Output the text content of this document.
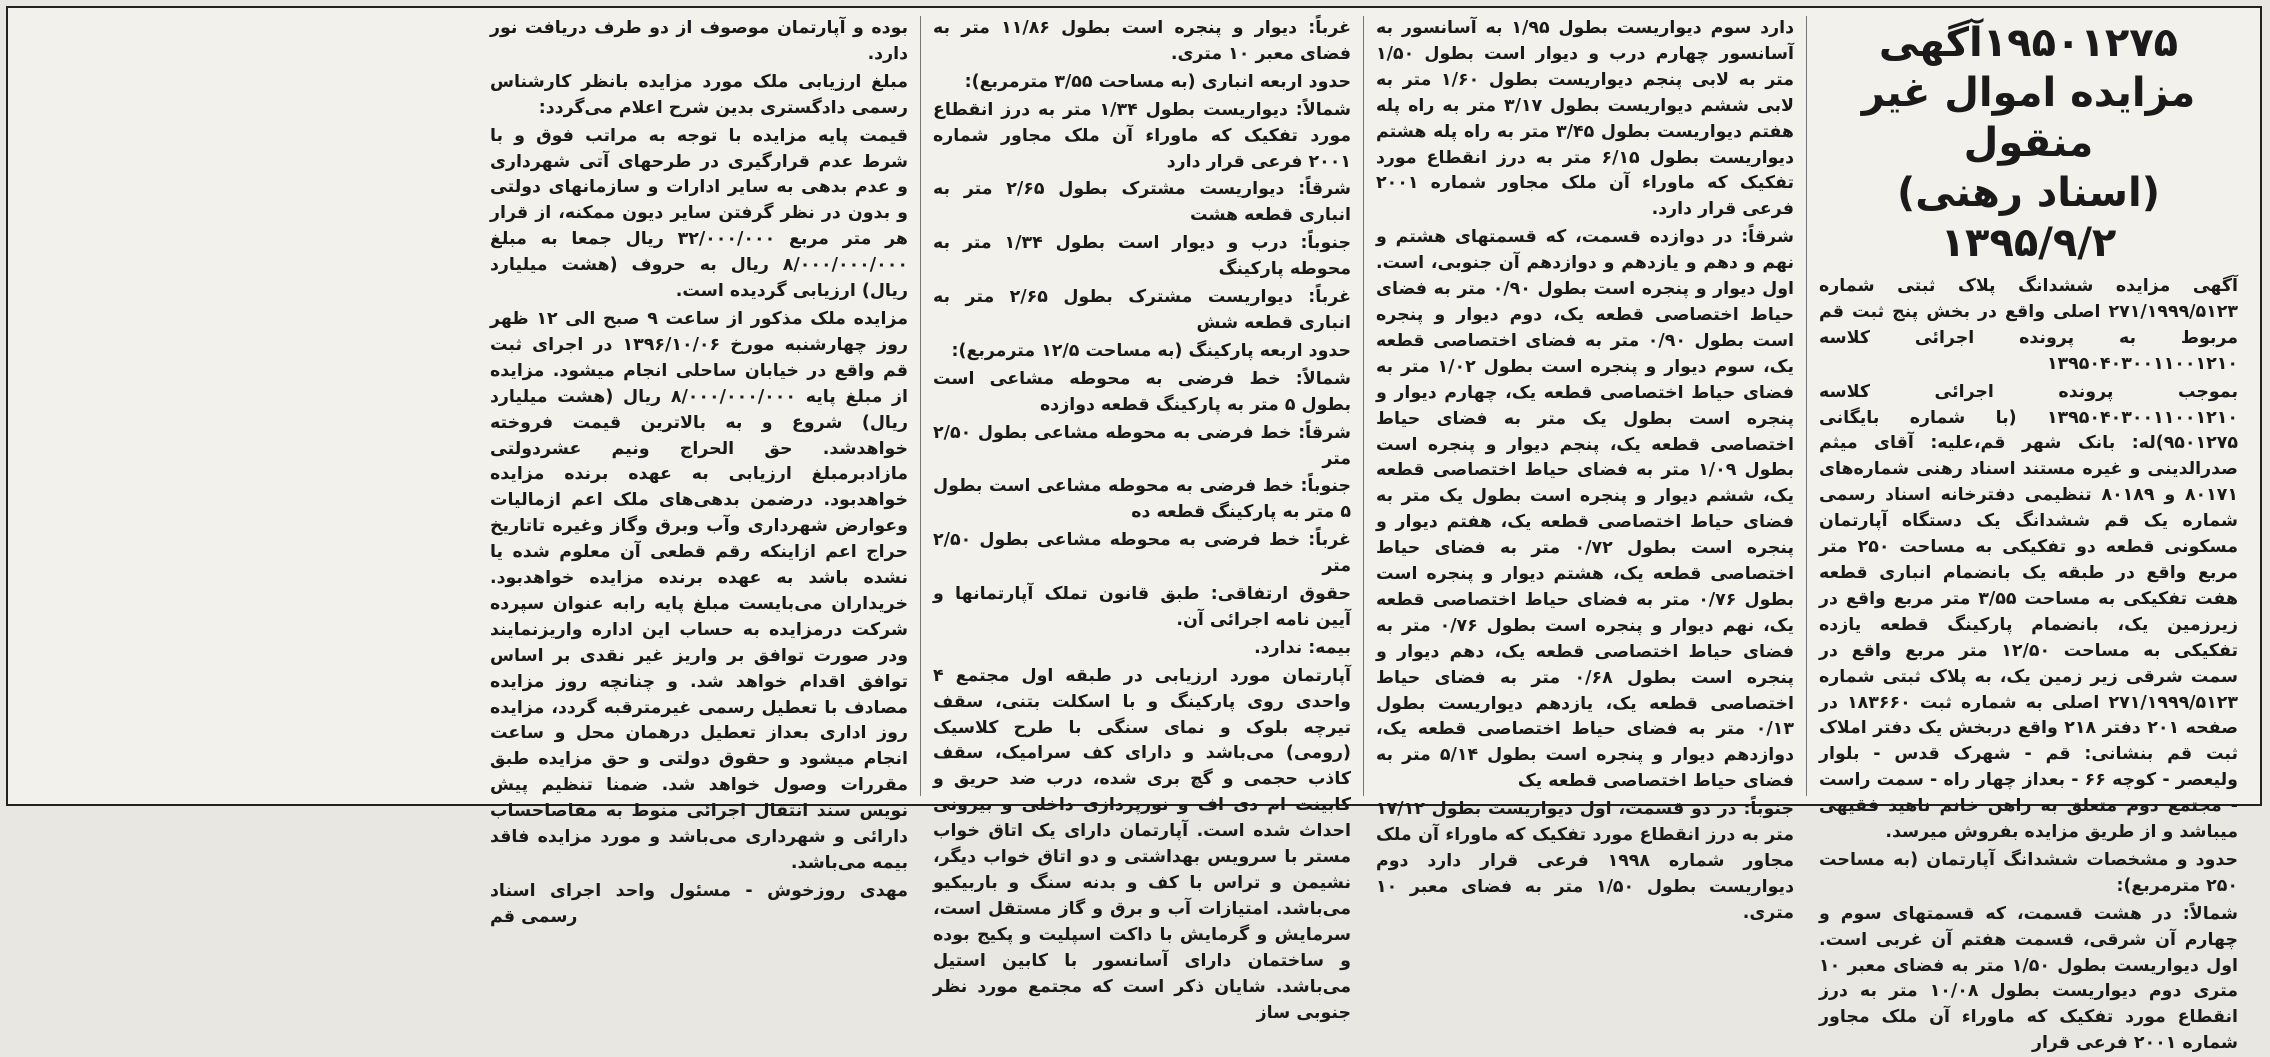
۱۹۵۰۱۲۷۵آگهی مزایده اموال غیر منقول
(اسناد رهنی) ۱۳۹۵/۹/۲

آگهی مزایده ششدانگ پلاک ثبتی شماره ۲۷۱/۱۹۹۹/۵۱۲۳ اصلی واقع در بخش پنج ثبت قم مربوط به پرونده اجرائی کلاسه ۱۳۹۵۰۴۰۳۰۰۱۱۰۰۱۲۱۰

بموجب پرونده اجرائی کلاسه ۱۳۹۵۰۴۰۳۰۰۱۱۰۰۱۲۱۰ (با شماره بایگانی ۹۵۰۱۲۷۵)له: بانک شهر قم،علیه: آقای میثم صدرالدینی و غیره مستند اسناد رهنی شماره‌های ۸۰۱۷۱ و ۸۰۱۸۹ تنظیمی دفترخانه اسناد رسمی شماره یک قم ششدانگ یک دستگاه آپارتمان مسکونی قطعه دو تفکیکی به مساحت ۲۵۰ متر مربع واقع در طبقه یک بانضمام انباری قطعه هفت تفکیکی به مساحت ۳/۵۵ متر مربع واقع در زیرزمین یک، بانضمام پارکینگ قطعه یازده تفکیکی به مساحت ۱۲/۵۰ متر مربع واقع در سمت شرقی زیر زمین یک، به پلاک ثبتی شماره ۲۷۱/۱۹۹۹/۵۱۲۳ اصلی به شماره ثبت ۱۸۳۶۶۰ در صفحه ۲۰۱ دفتر ۲۱۸ واقع دربخش یک دفتر املاک ثبت قم بنشانی: قم - شهرک قدس - بلوار ولیعصر - کوچه ۶۶ - بعداز چهار راه - سمت راست - مجتمع دوم متعلق به راهن خانم ناهید فقیهی میباشد و از طریق مزایده بفروش میرسد.

حدود و مشخصات ششدانگ آپارتمان (به مساحت ۲۵۰ مترمربع):

شمالاً: در هشت قسمت، که قسمتهای سوم و چهارم آن شرقی، قسمت هفتم آن غربی است. اول دیواریست بطول ۱/۵۰ متر به فضای معبر ۱۰ متری دوم دیواریست بطول ۱۰/۰۸ متر به درز انقطاع مورد تفکیک که ماوراء آن ملک مجاور شماره ۲۰۰۱ فرعی قرار

دارد سوم دیواریست بطول ۱/۹۵ به آسانسور به آسانسور چهارم درب و دیوار است بطول ۱/۵۰ متر به لابی پنجم دیواریست بطول ۱/۶۰ متر به لابی ششم دیواریست بطول ۳/۱۷ متر به راه پله هفتم دیواریست بطول ۳/۴۵ متر به راه پله هشتم دیواریست بطول ۶/۱۵ متر به درز انقطاع مورد تفکیک که ماوراء آن ملک مجاور شماره ۲۰۰۱ فرعی قرار دارد.

شرقاً: در دوازده قسمت، که قسمتهای هشتم و نهم و دهم و یازدهم و دوازدهم آن جنوبی، است. اول دیوار و پنجره است بطول ۰/۹۰ متر به فضای حیاط اختصاصی قطعه یک، دوم دیوار و پنجره است بطول ۰/۹۰ متر به فضای اختصاصی قطعه یک، سوم دیوار و پنجره است بطول ۱/۰۲ متر به فضای حیاط اختصاصی قطعه یک، چهارم دیوار و پنجره است بطول یک متر به فضای حیاط اختصاصی قطعه یک، پنجم دیوار و پنجره است بطول ۱/۰۹ متر به فضای حیاط اختصاصی قطعه یک، ششم دیوار و پنجره است بطول یک متر به فضای حیاط اختصاصی قطعه یک، هفتم دیوار و پنجره است بطول ۰/۷۲ متر به فضای حیاط اختصاصی قطعه یک، هشتم دیوار و پنجره است بطول ۰/۷۶ متر به فضای حیاط اختصاصی قطعه یک، نهم دیوار و پنجره است بطول ۰/۷۶ متر به فضای حیاط اختصاصی قطعه یک، دهم دیوار و پنجره است بطول ۰/۶۸ متر به فضای حیاط اختصاصی قطعه یک، یازدهم دیواریست بطول ۰/۱۳ متر به فضای حیاط اختصاصی قطعه یک، دوازدهم دیوار و پنجره است بطول ۵/۱۴ متر به فضای حیاط اختصاصی قطعه یک

جنوباً: در دو قسمت، اول دیواریست بطول ۱۷/۱۲ متر به درز انقطاع مورد تفکیک که ماوراء آن ملک مجاور شماره ۱۹۹۸ فرعی قرار دارد دوم دیواریست بطول ۱/۵۰ متر به فضای معبر ۱۰ متری.

غرباً: دیوار و پنجره است بطول ۱۱/۸۶ متر به فضای معبر ۱۰ متری.

حدود اربعه انباری (به مساحت ۳/۵۵ مترمربع):

شمالاً: دیواریست بطول ۱/۳۴ متر به درز انقطاع مورد تفکیک که ماوراء آن ملک مجاور شماره ۲۰۰۱ فرعی قرار دارد

شرقاً: دیواریست مشترک بطول ۲/۶۵ متر به انباری قطعه هشت

جنوباً: درب و دیوار است بطول ۱/۳۴ متر به محوطه پارکینگ

غرباً: دیواریست مشترک بطول ۲/۶۵ متر به انباری قطعه شش

حدود اربعه پارکینگ (به مساحت ۱۲/۵ مترمربع):

شمالاً: خط فرضی به محوطه مشاعی است بطول ۵ متر به پارکینگ قطعه دوازده

شرقاً: خط فرضی به محوطه مشاعی بطول ۲/۵۰ متر

جنوباً: خط فرضی به محوطه مشاعی است بطول ۵ متر به پارکینگ قطعه ده

غرباً: خط فرضی به محوطه مشاعی بطول ۲/۵۰ متر

حقوق ارتفاقی: طبق قانون تملک آپارتمانها و آیین نامه اجرائی آن.

بیمه: ندارد.

آپارتمان مورد ارزیابی در طبقه اول مجتمع ۴ واحدی روی پارکینگ و با اسکلت بتنی، سقف تیرچه بلوک و نمای سنگی با طرح کلاسیک (رومی) می‌باشد و دارای کف سرامیک، سقف کاذب حجمی و گچ بری شده، درب ضد حریق و کابینت ام دی اف و نورپردازی داخلی و بیرونی احداث شده است. آپارتمان دارای یک اتاق خواب مستر با سرویس بهداشتی و دو اتاق خواب دیگر، نشیمن و تراس با کف و بدنه سنگ و باربیکیو می‌باشد. امتیازات آب و برق و گاز مستقل است، سرمایش و گرمایش با داکت اسپلیت و پکیج بوده و ساختمان دارای آسانسور با کابین استیل می‌باشد. شایان ذکر است که مجتمع مورد نظر جنوبی ساز

بوده و آپارتمان موصوف از دو طرف دریافت نور دارد.

مبلغ ارزیابی ملک مورد مزایده بانظر کارشناس رسمی دادگستری بدین شرح اعلام می‌گردد:

قیمت پایه مزایده با توجه به مراتب فوق و با شرط عدم قرارگیری در طرحهای آتی شهرداری و عدم بدهی به سایر ادارات و سازمانهای دولتی و بدون در نظر گرفتن سایر دیون ممکنه، از قرار هر متر مربع ۳۲/۰۰۰/۰۰۰ ریال جمعا به مبلغ ۸/۰۰۰/۰۰۰/۰۰۰ ریال به حروف (هشت میلیارد ریال) ارزیابی گردیده است.

مزایده ملک مذکور از ساعت ۹ صبح الی ۱۲ ظهر روز چهارشنبه مورخ ۱۳۹۶/۱۰/۰۶ در اجرای ثبت قم واقع در خیابان ساحلی انجام میشود. مزایده از مبلغ پایه ۸/۰۰۰/۰۰۰/۰۰۰ ریال (هشت میلیارد ریال) شروع و به بالاترین قیمت فروخته خواهدشد. حق الحراج ونیم عشردولتی مازادبرمبلغ ارزیابی به عهده برنده مزایده خواهدبود. درضمن بدهی‌های ملک اعم ازمالیات وعوارض شهرداری وآب وبرق وگاز وغیره تاتاریخ حراج اعم ازاینکه رقم قطعی آن معلوم شده یا نشده باشد به عهده برنده مزایده خواهدبود. خریداران می‌بایست مبلغ پایه رابه عنوان سپرده شرکت درمزایده به حساب این اداره واریزنمایند ودر صورت توافق بر واریز غیر نقدی بر اساس توافق اقدام خواهد شد. و چنانچه روز مزایده مصادف با تعطیل رسمی غیرمترقبه گردد، مزایده روز اداری بعداز تعطیل درهمان محل و ساعت انجام میشود و حقوق دولتی و حق مزایده طبق مقررات وصول خواهد شد. ضمنا تنظیم پیش نویس سند انتقال اجرائی منوط به مفاصاحساب دارائی و شهرداری می‌باشد و مورد مزایده فاقد بیمه می‌باشد.

مهدی روزخوش - مسئول واحد اجرای اسناد رسمی قم
